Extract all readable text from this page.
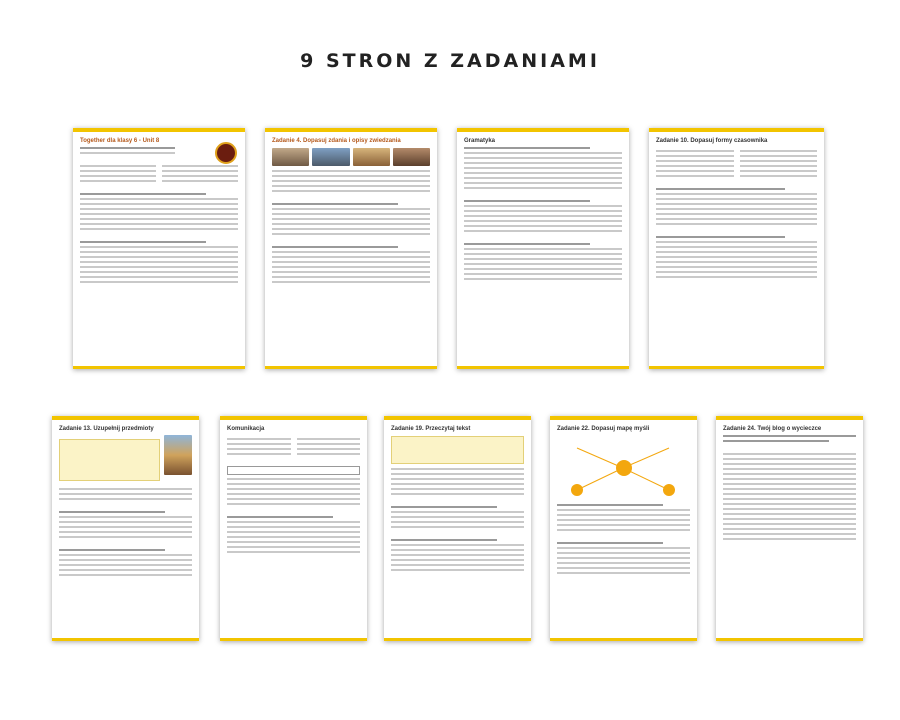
9 STRON Z ZADANIAMI
Together dla klasy 6 - Unit 8	Zadanie 4. Dopasuj zdania i opisy zwiedzania	Gramatyka	Zadanie 10. Dopasuj formy czasownika
Zadanie 13. Uzupełnij przedmioty	Komunikacja	Zadanie 19. Przeczytaj tekst	Zadanie 22. Dopasuj mapę myśli	Zadanie 24. Twój blog o wycieczce
